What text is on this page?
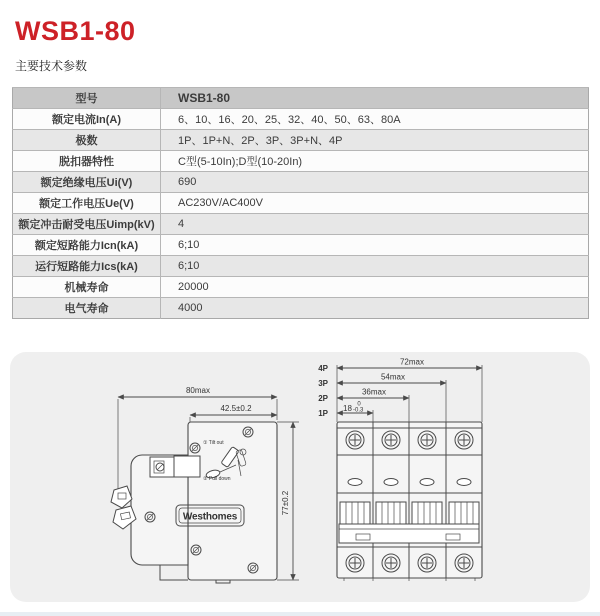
WSB1-80
主要技术参数
型号	WSB1-80
额定电流In(A)	6、10、16、20、25、32、40、50、63、80A
极数	1P、1P+N、2P、3P、3P+N、4P
脱扣器特性	C型(5-10In);D型(10-20In)
额定绝缘电压Ui(V)	690
额定工作电压Ue(V)	AC230V/AC400V
额定冲击耐受电压Uimp(kV)	4
额定短路能力Icn(kA)	6;10
运行短路能力Ics(kA)	6;10
机械寿命	20000
电气寿命	4000
80max
42.5±0.2
77±0.2
① Tilt out
② Pull down
Westhomes
4P
3P
2P
1P
72max
54max
36max
18 0
-0.3
